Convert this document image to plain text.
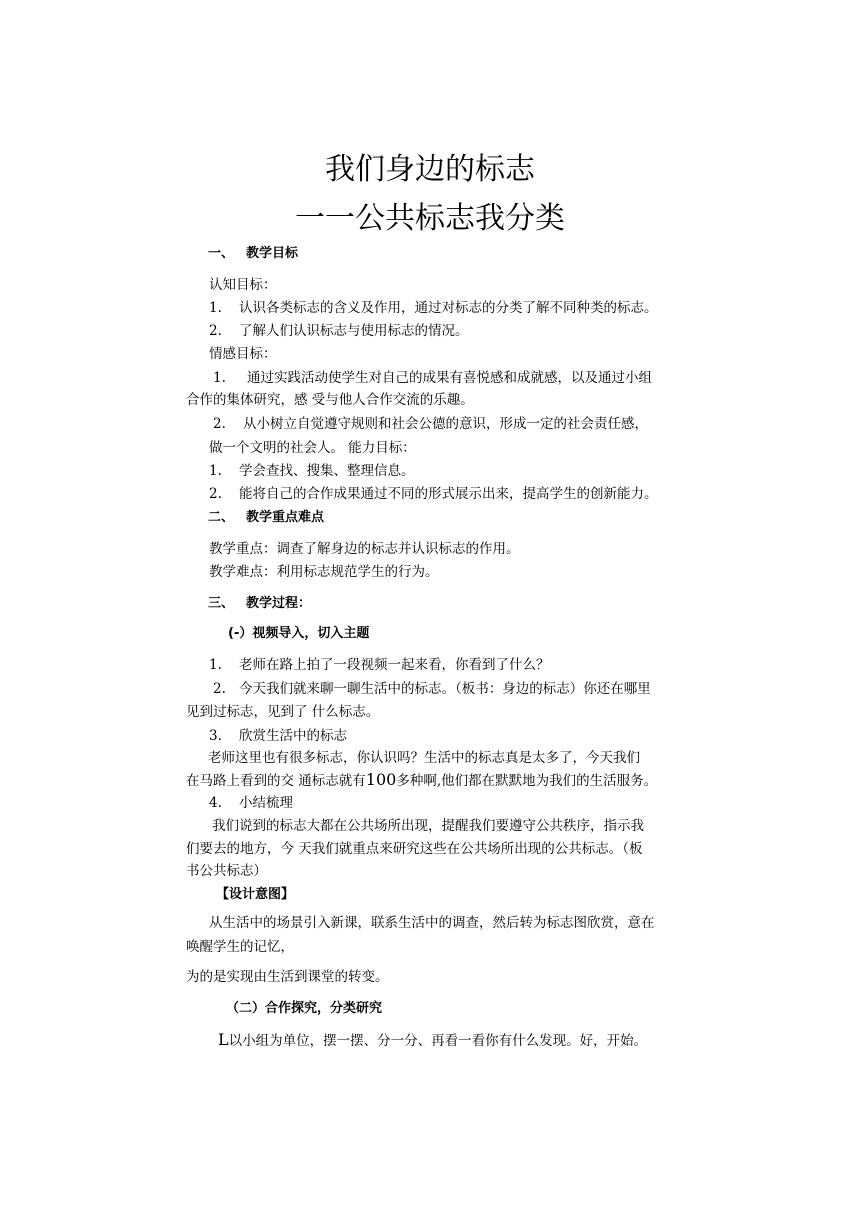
我们身边的标志
一一公共标志我分类
一、 教学目标
认知目标：
1. 认识各类标志的含义及作用，通过对标志的分类了解不同种类的标志。
2. 了解人们认识标志与使用标志的情况。
情感目标：
1. 通过实践活动使学生对自己的成果有喜悦感和成就感，以及通过小组
合作的集体研究，感 受与他人合作交流的乐趣。
2. 从小树立自觉遵守规则和社会公德的意识，形成一定的社会责任感，
做一个文明的社会人。 能力目标：
1. 学会查找、搜集、整理信息。
2. 能将自己的合作成果通过不同的形式展示出来，提高学生的创新能力。
二、 教学重点难点
教学重点：调查了解身边的标志并认识标志的作用。
教学难点：利用标志规范学生的行为。
三、 教学过程：
(-）视频导入，切入主题
1. 老师在路上拍了一段视频一起来看，你看到了什么？
2. 今天我们就来聊一聊生活中的标志。（板书：身边的标志）你还在哪里
见到过标志，见到了 什么标志。
3. 欣赏生活中的标志
老师这里也有很多标志，你认识吗？生活中的标志真是太多了，今天我们
在马路上看到的交 通标志就有100多种啊,他们都在默默地为我们的生活服务。
4. 小结梳理
我们说到的标志大都在公共场所出现，提醒我们要遵守公共秩序，指示我
们要去的地方，今 天我们就重点来研究这些在公共场所出现的公共标志。（板
书公共标志）
【设计意图】
从生活中的场景引入新课，联系生活中的调查，然后转为标志图欣赏，意在
唤醒学生的记忆，
为的是实现由生活到课堂的转变。
（二）合作探究，分类研究
L以小组为单位，摆一摆、分一分、再看一看你有什么发现。好，开始。
